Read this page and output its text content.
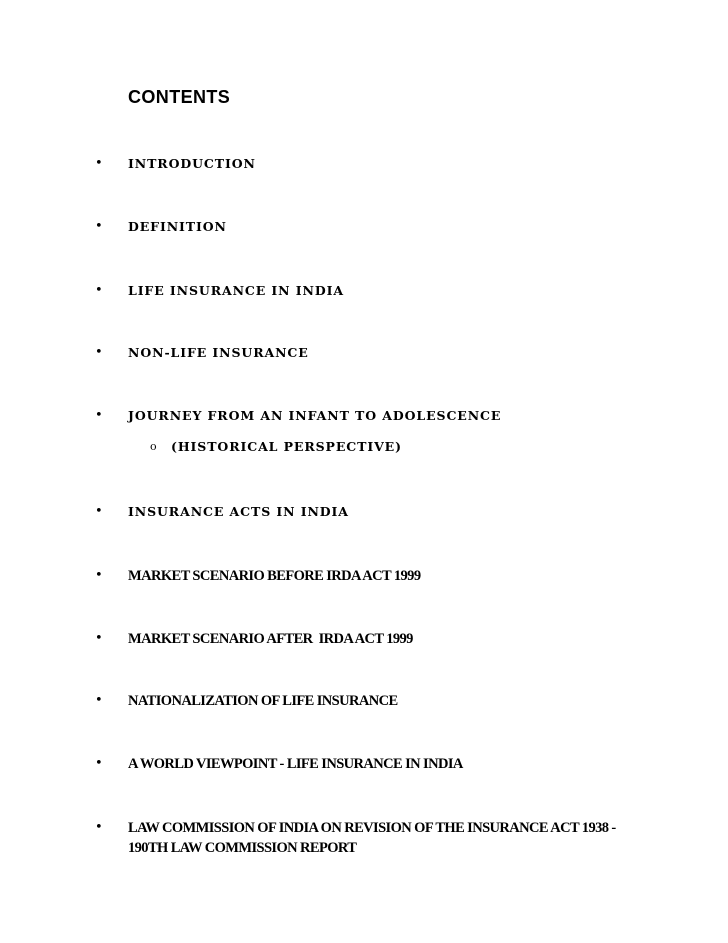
CONTENTS
• INTRODUCTION
• DEFINITION
• LIFE INSURANCE IN INDIA
• NON-LIFE INSURANCE
• JOURNEY FROM AN INFANT TO ADOLESCENCE
o (HISTORICAL PERSPECTIVE)
• INSURANCE ACTS IN INDIA
• MARKET SCENARIO BEFORE IRDA ACT 1999
• MARKET SCENARIO AFTER  IRDA ACT 1999
• NATIONALIZATION OF LIFE INSURANCE
• A WORLD VIEWPOINT - LIFE INSURANCE IN INDIA
• LAW COMMISSION OF INDIA ON REVISION OF THE INSURANCE ACT 1938 - 190TH LAW COMMISSION REPORT
